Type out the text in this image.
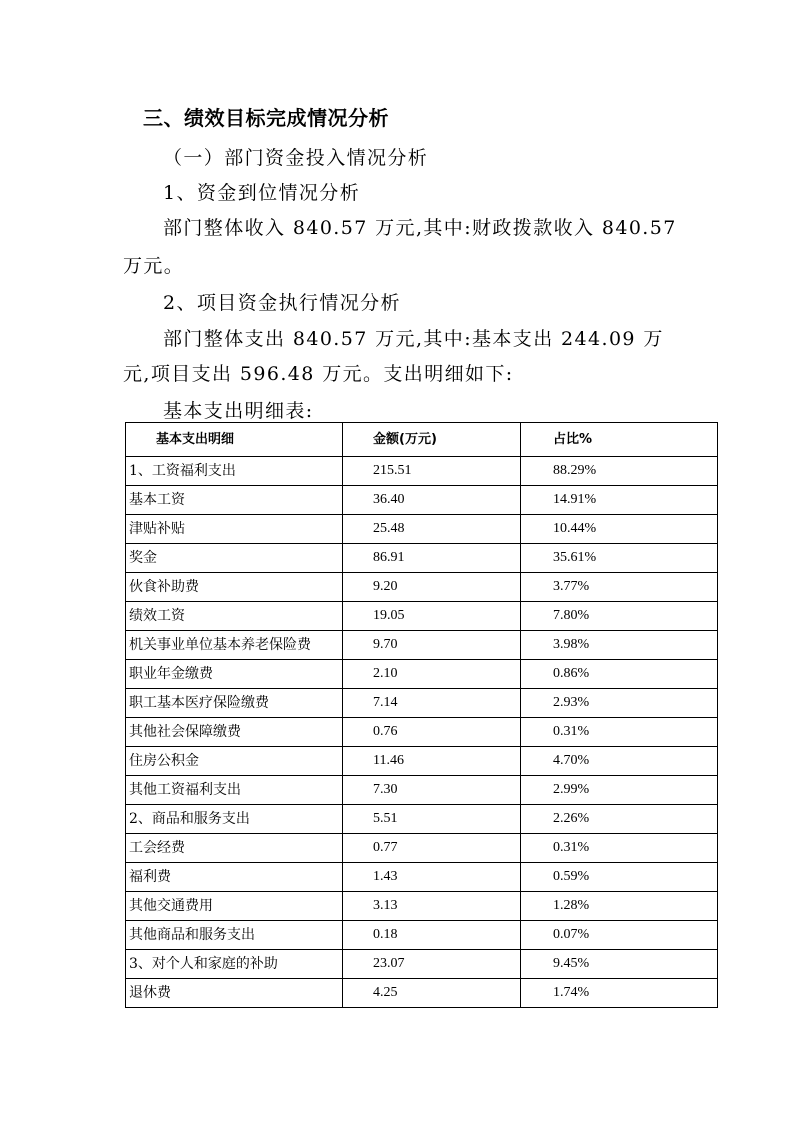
三、绩效目标完成情况分析
（一）部门资金投入情况分析
1、资金到位情况分析
部门整体收入 840.57 万元,其中:财政拨款收入 840.57
万元。
2、项目资金执行情况分析
部门整体支出 840.57 万元,其中:基本支出 244.09 万
元,项目支出 596.48 万元。支出明细如下:
基本支出明细表:
基本支出明细	金额(万元)	占比%
1、工资福利支出	215.51	88.29%
基本工资	36.40	14.91%
津贴补贴	25.48	10.44%
奖金	86.91	35.61%
伙食补助费	9.20	3.77%
绩效工资	19.05	7.80%
机关事业单位基本养老保险费	9.70	3.98%
职业年金缴费	2.10	0.86%
职工基本医疗保险缴费	7.14	2.93%
其他社会保障缴费	0.76	0.31%
住房公积金	11.46	4.70%
其他工资福利支出	7.30	2.99%
2、商品和服务支出	5.51	2.26%
工会经费	0.77	0.31%
福利费	1.43	0.59%
其他交通费用	3.13	1.28%
其他商品和服务支出	0.18	0.07%
3、对个人和家庭的补助	23.07	9.45%
退休费	4.25	1.74%
